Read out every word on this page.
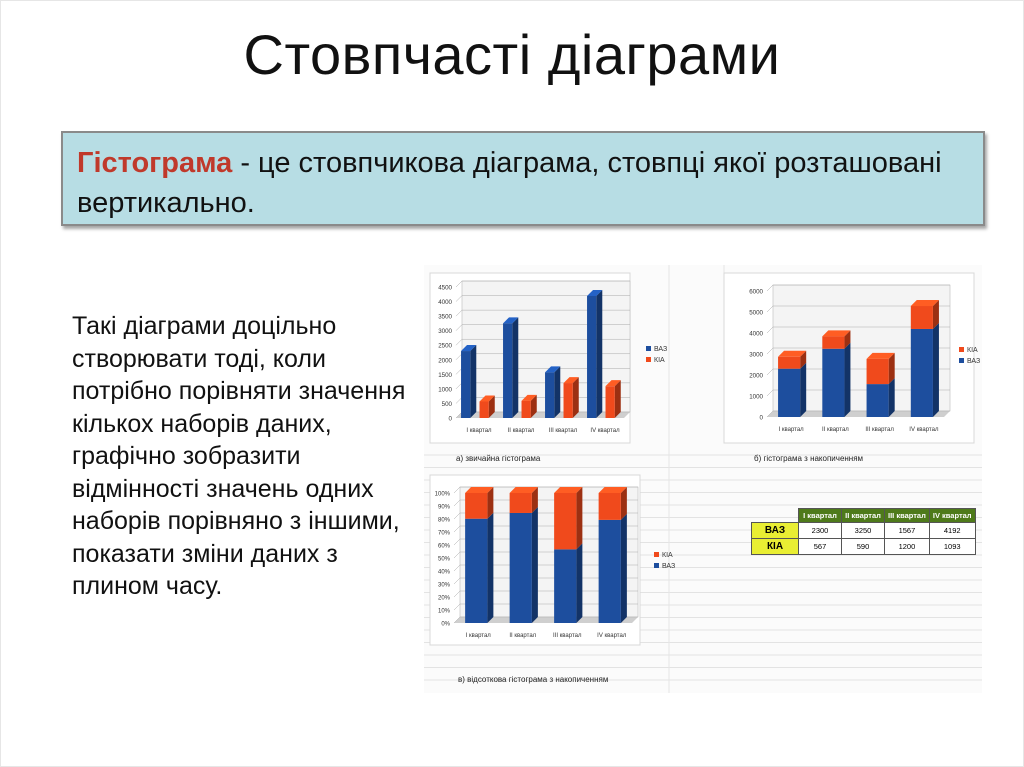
Стовпчасті діаграми
Гістограма - це стовпчикова діаграма, стовпці якої розташовані вертикально.
Такі діаграми доцільно створювати тоді, коли потрібно порівняти значення кількох наборів даних, графічно зобразити відмінності значень одних наборів порівняно з іншими, показати зміни даних з плином часу.
0
500
1000
1500
2000
2500
3000
3500
4000
4500
І квартал	ІІ квартал ІІІ квартал IV квартал
ВАЗ
КІА
0
1000
2000
3000
4000
5000
6000
І квартал	ІІ квартал	ІІІ квартал	IV квартал
КІА
ВАЗ
0%
10%
20%
30%
40%
50%
60%
70%
80%
90%
100%
І квартал	ІІ квартал	ІІІ квартал	IV квартал
КІА
ВАЗ
а) звичайна гістограма	б) гістограма з накопиченням
в) відсоткова гістограма з накопиченням
	І квартал	ІІ квартал	ІІІ квартал	IV квартал
ВАЗ	2300	3250	1567	4192
КІА	567	590	1200	1093
